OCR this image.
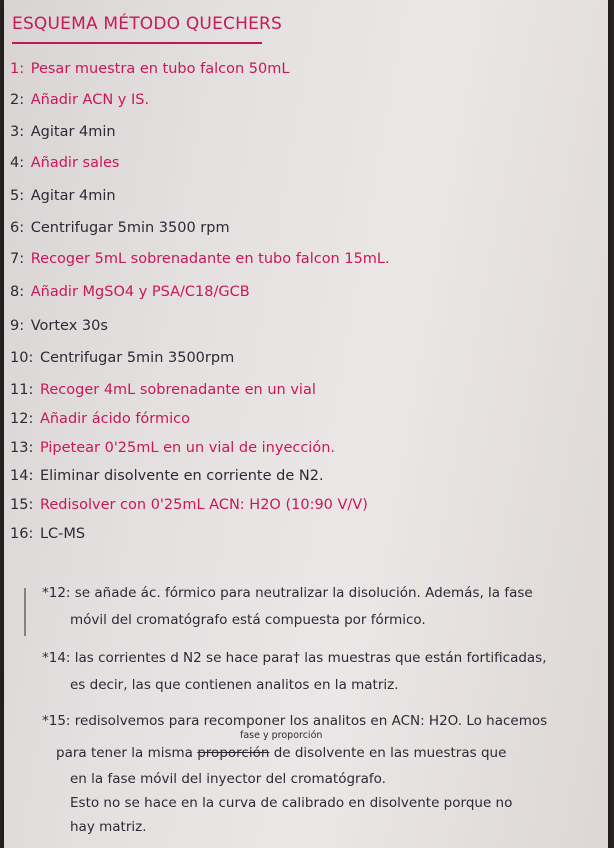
ESQUEMA MÉTODO QUECHERS
1: Pesar muestra en tubo falcon 50mL
2: Añadir ACN y IS.
3: Agitar 4min
4: Añadir sales
5: Agitar 4min
6: Centrifugar 5min 3500 rpm
7: Recoger 5mL sobrenadante en tubo falcon 15mL.
8: Añadir MgSO4 y PSA/C18/GCB
9: Vortex 30s
10: Centrifugar 5min 3500rpm
11: Recoger 4mL sobrenadante en un vial
12: Añadir ácido fórmico
13: Pipetear 0'25mL en un vial de inyección.
14: Eliminar disolvente en corriente de N2.
15: Redisolver con 0'25mL ACN: H2O (10:90 V/V)
16: LC-MS
*12: se añade ác. fórmico para neutralizar la disolución. Además, la fase
móvil del cromatógrafo está compuesta por fórmico.
*14: las corrientes d N2 se hace para† las muestras que están fortificadas,
es decir, las que contienen analitos en la matriz.
*15: redisolvemos para recomponer los analitos en ACN: H2O. Lo hacemos
para tener la misma proporción de disolvente en las muestras que
en la fase móvil del inyector del cromatógrafo.
Esto no se hace en la curva de calibrado en disolvente porque no
hay matriz.
fase y proporción
